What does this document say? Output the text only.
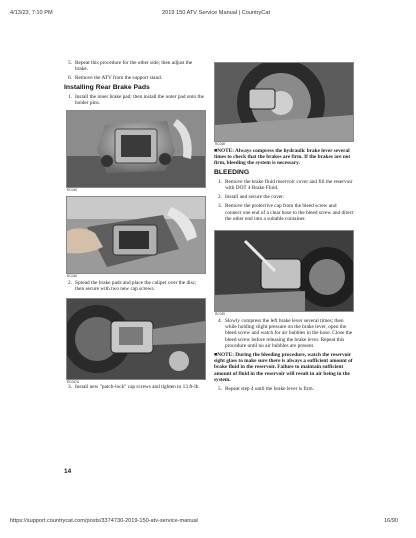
4/13/23, 7:10 PM	2019 150 ATV Service Manual | CountryCat
5. Repeat this procedure for the other side; then adjust the brake.
6. Remove the ATV from the support stand.
Installing Rear Brake Pads
1. Install the inner brake pad; then install the outer pad onto the holder pins.
RC045
RC046
2. Spread the brake pads and place the caliper over the disc; then secure with two new cap screws.
RC047A
3. Install new "patch-lock" cap screws and tighten to 13 ft-lb.
RC048

■NOTE: Always compress the hydraulic brake lever several times to check that the brakes are firm. If the brakes are not firm, bleeding the system is necessary.

BLEEDING
1. Remove the brake fluid reservoir cover and fill the reservoir with DOT 4 Brake Fluid.
2. Install and secure the cover.
3. Remove the protective cap from the bleed screw and connect one end of a clear hose to the bleed screw and direct the other end into a suitable container.
RC049
4. Slowly compress the left brake lever several times; then while holding slight pressure on the brake lever, open the bleed screw and watch for air bubbles in the hose. Close the bleed screw before releasing the brake lever. Repeat this procedure until no air bubbles are present.

■NOTE: During the bleeding procedure, watch the reservoir sight glass to make sure there is always a sufficient amount of brake fluid in the reservoir. Failure to maintain sufficient amount of fluid in the reservoir will result in air being in the system.

5. Repeat step 4 until the brake lever is firm.
14
https://support.countrycat.com/posts/3374730-2019-150-atv-service-manual	16/90
